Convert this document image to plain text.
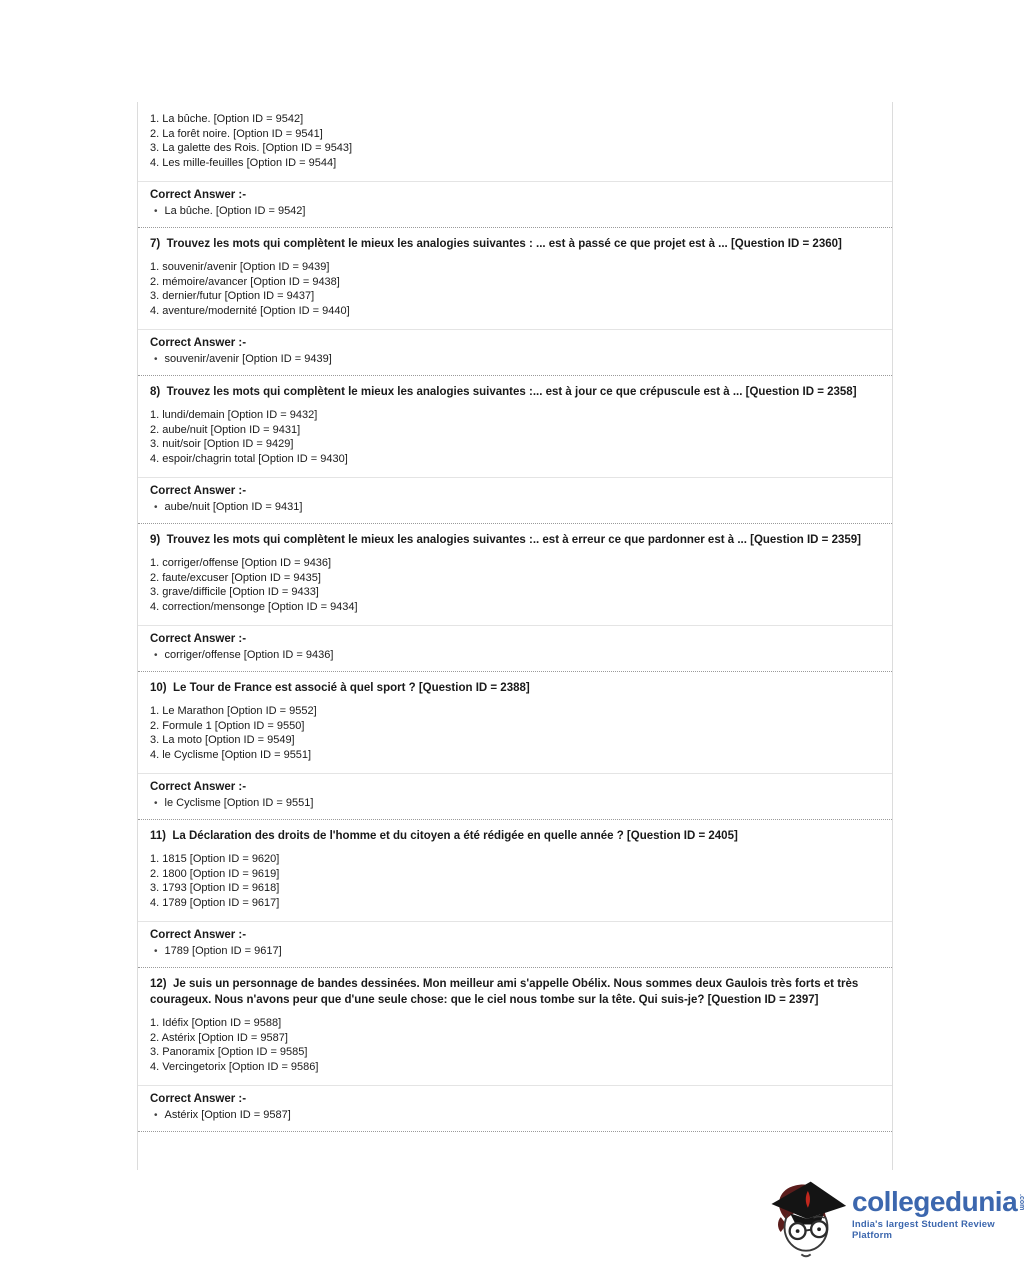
1. La bûche. [Option ID = 9542]
2. La forêt noire. [Option ID = 9541]
3. La galette des Rois. [Option ID = 9543]
4. Les mille-feuilles [Option ID = 9544]
Correct Answer :-
• La bûche. [Option ID = 9542]
7)  Trouvez les mots qui complètent le mieux les analogies suivantes : ... est à passé ce que projet est à ... [Question ID = 2360]
1. souvenir/avenir [Option ID = 9439]
2. mémoire/avancer [Option ID = 9438]
3. dernier/futur [Option ID = 9437]
4. aventure/modernité [Option ID = 9440]
Correct Answer :-
• souvenir/avenir [Option ID = 9439]
8)  Trouvez les mots qui complètent le mieux les analogies suivantes :... est à jour ce que crépuscule est à ... [Question ID = 2358]
1. lundi/demain [Option ID = 9432]
2. aube/nuit [Option ID = 9431]
3. nuit/soir [Option ID = 9429]
4. espoir/chagrin total [Option ID = 9430]
Correct Answer :-
• aube/nuit [Option ID = 9431]
9)  Trouvez les mots qui complètent le mieux les analogies suivantes :.. est à erreur ce que pardonner est à ... [Question ID = 2359]
1. corriger/offense [Option ID = 9436]
2. faute/excuser [Option ID = 9435]
3. grave/difficile [Option ID = 9433]
4. correction/mensonge [Option ID = 9434]
Correct Answer :-
• corriger/offense [Option ID = 9436]
10)  Le Tour de France est associé à quel sport ? [Question ID = 2388]
1. Le Marathon [Option ID = 9552]
2. Formule 1 [Option ID = 9550]
3. La moto [Option ID = 9549]
4. le Cyclisme [Option ID = 9551]
Correct Answer :-
• le Cyclisme [Option ID = 9551]
11)  La Déclaration des droits de l'homme et du citoyen a été rédigée en quelle année ? [Question ID = 2405]
1. 1815 [Option ID = 9620]
2. 1800 [Option ID = 9619]
3. 1793 [Option ID = 9618]
4. 1789 [Option ID = 9617]
Correct Answer :-
• 1789 [Option ID = 9617]
12)  Je suis un personnage de bandes dessinées. Mon meilleur ami s'appelle Obélix. Nous sommes deux Gaulois très forts et très courageux. Nous n'avons peur que d'une seule chose: que le ciel nous tombe sur la tête. Qui suis-je? [Question ID = 2397]
1. Idéfix [Option ID = 9588]
2. Astérix [Option ID = 9587]
3. Panoramix [Option ID = 9585]
4. Vercingetorix [Option ID = 9586]
Correct Answer :-
• Astérix [Option ID = 9587]
collegedunia .com
India's largest Student Review Platform
